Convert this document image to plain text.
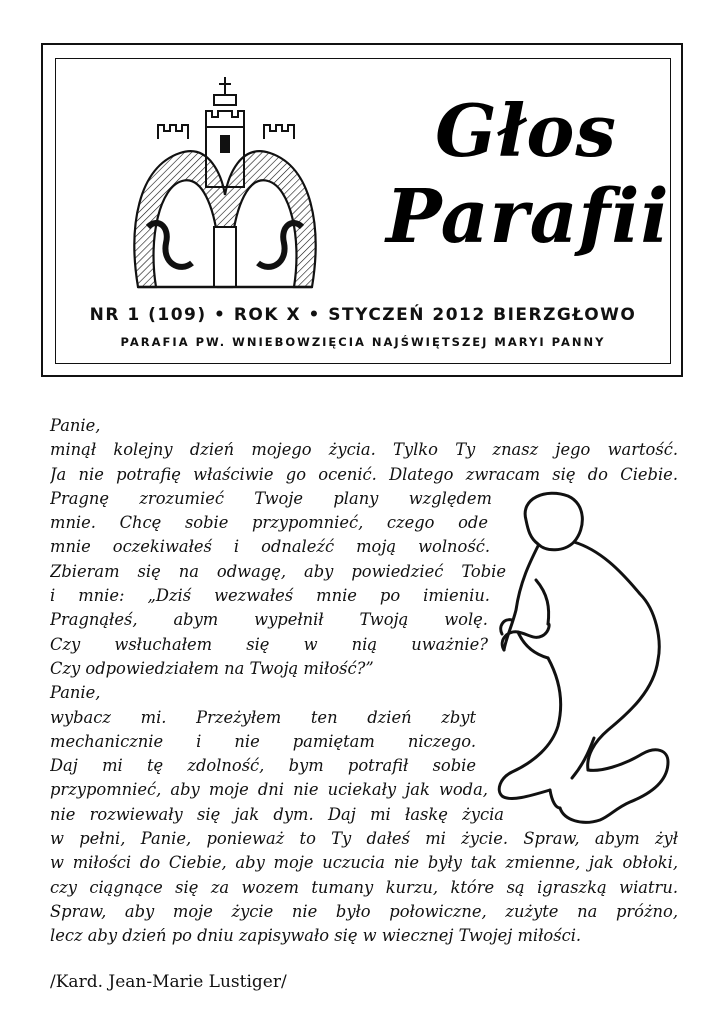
Głos
Parafii
NR 1 (109) • ROK X • STYCZEŃ 2012 BIERZGŁOWO
PARAFIA PW. WNIEBOWZIĘCIA NAJŚWIĘTSZEJ MARYI PANNY
Panie,
minął kolejny dzień mojego życia. Tylko Ty znasz jego wartość.
Ja nie potrafię właściwie go ocenić. Dlatego zwracam się do Ciebie.
Pragnę zrozumieć Twoje plany względem
mnie. Chcę sobie przypomnieć, czego ode
mnie oczekiwałeś i odnaleźć moją wolność.
Zbieram się na odwagę, aby powiedzieć Tobie
i mnie: „Dziś wezwałeś mnie po imieniu.
Pragnąłeś, abym wypełnił Twoją wolę.
Czy wsłuchałem się w nią uważnie?
Czy odpowiedziałem na Twoją miłość?”
Panie,
wybacz mi. Przeżyłem ten dzień zbyt
mechanicznie i nie pamiętam niczego.
Daj mi tę zdolność, bym potrafił sobie
przypomnieć, aby moje dni nie uciekały jak woda,
nie rozwiewały się jak dym. Daj mi łaskę życia
w pełni, Panie, ponieważ to Ty dałeś mi życie. Spraw, abym żył
w miłości do Ciebie, aby moje uczucia nie były tak zmienne, jak obłoki,
czy ciągnące się za wozem tumany kurzu, które są igraszką wiatru.
Spraw, aby moje życie nie było połowiczne, zużyte na próżno,
lecz aby dzień po dniu zapisywało się w wiecznej Twojej miłości.
/Kard. Jean-Marie Lustiger/
